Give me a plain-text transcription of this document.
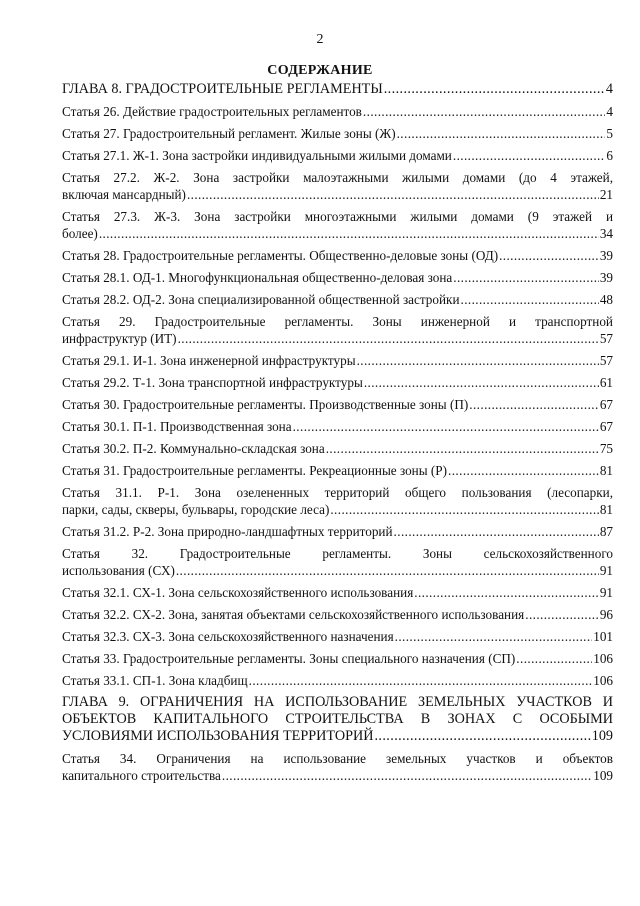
2
СОДЕРЖАНИЕ
ГЛАВА 8. ГРАДОСТРОИТЕЛЬНЫЕ РЕГЛАМЕНТЫ .....	4
Статья 26. Действие градостроительных регламентов .....	4
Статья 27. Градостроительный регламент. Жилые зоны (Ж) .....	5
Статья 27.1. Ж-1. Зона застройки индивидуальными жилыми домами .....	6
Статья 27.2. Ж-2. Зона застройки малоэтажными жилыми домами (до 4 этажей,
включая мансардный) .....	21
Статья 27.3. Ж-3. Зона застройки многоэтажными жилыми домами (9 этажей и
более) .....	34
Статья 28. Градостроительные регламенты. Общественно-деловые зоны (ОД) .....	39
Статья 28.1. ОД-1. Многофункциональная общественно-деловая зона .....	39
Статья 28.2. ОД-2. Зона специализированной общественной застройки .....	48
Статья 29. Градостроительные регламенты. Зоны инженерной и транспортной
инфраструктур (ИТ) .....	57
Статья 29.1. И-1. Зона инженерной инфраструктуры .....	57
Статья 29.2. Т-1. Зона транспортной инфраструктуры .....	61
Статья 30. Градостроительные регламенты. Производственные зоны (П) .....	67
Статья 30.1. П-1. Производственная зона .....	67
Статья 30.2. П-2. Коммунально-складская зона .....	75
Статья 31. Градостроительные регламенты. Рекреационные зоны (Р) .....	81
Статья 31.1. Р-1. Зона озелененных территорий общего пользования (лесопарки,
парки, сады, скверы, бульвары, городские леса) .....	81
Статья 31.2. Р-2. Зона природно-ландшафтных территорий .....	87
Статья 32. Градостроительные регламенты. Зоны сельскохозяйственного
использования (СХ) .....	91
Статья 32.1. СХ-1. Зона сельскохозяйственного использования .....	91
Статья 32.2. СХ-2. Зона, занятая объектами сельскохозяйственного использования .....	96
Статья 32.3. СХ-3. Зона сельскохозяйственного назначения .....	101
Статья 33. Градостроительные регламенты. Зоны специального назначения (СП) .....	106
Статья 33.1. СП-1. Зона кладбищ .....	106
ГЛАВА 9. ОГРАНИЧЕНИЯ НА ИСПОЛЬЗОВАНИЕ ЗЕМЕЛЬНЫХ УЧАСТКОВ И
ОБЪЕКТОВ КАПИТАЛЬНОГО СТРОИТЕЛЬСТВА В ЗОНАХ С ОСОБЫМИ
УСЛОВИЯМИ ИСПОЛЬЗОВАНИЯ ТЕРРИТОРИЙ .....	109
Статья 34. Ограничения на использование земельных участков и объектов
капитального строительства .....	109
